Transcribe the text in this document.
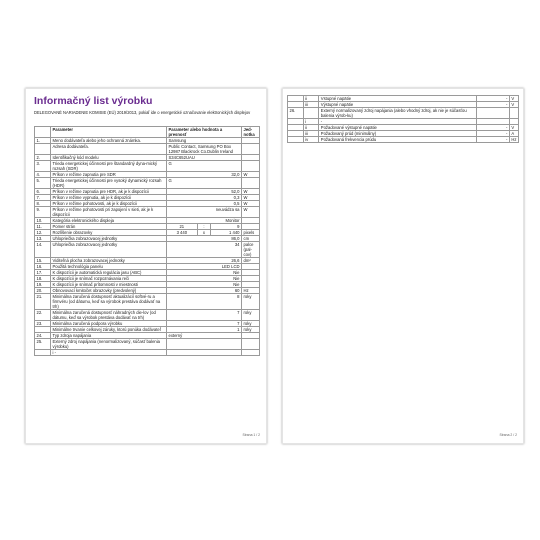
Informačný list výrobku
DELEGOVANÉ NARIADENIE KOMISIE (EÚ) 2019/2013, pokiaľ ide o energetické označovanie elektronických displejov
	Parameter	Parameter alebo hodnota a presnosť			Jed-notka
1.	Meno dodávateľa alebo jeho ochranná známka.	Samsung			
	Adresa dodávateľa.	Public Contact, Samsung PO Box 12987 Blackrock Co.Dublin Ireland			
2.	Identifikačný kód modelu	S34C652UAU			
3.	Trieda energetickej účinnosti pre štandardný dyna-mický rozsah (SDR)	G			
4.	Príkon v režime zapnutia pre SDR	32,0			W
5.	Trieda energetickej účinnosti pre vysoký dynamický rozsah (HDR)	G			
6.	Príkon v režime zapnutia pre HDR, ak je k dispozícii	52,0			W
7.	Príkon v režime vypnutia, ak je k dispozícii	0,3			W
8.	Príkon v režime pohotovosti, ak je k dispozícii	0,5			W
9.	Príkon v režime pohotovosti pri zapojení v sieti, ak je k dispozícii	neuvádza sa			W
10.	Kategória elektronického displeja	Monitor			
11.	Pomer strán	21	:	9	
12.	Rozlíšenie obrazovky	3 440	x	1 440	pixels
13.	Uhlopriečka zobrazovacej jednotky	86,0			cm
14.	Uhlopriečka zobrazovacej jednotky	34			palce (pal-cov)
15.	Viditeľná plocha zobrazovacej jednotky	26,6			dm²
16.	Použitá technológia panelu	LED LCD			
17.	K dispozícii je automatická regulácia jasu (ABC)	Nie			
18.	K dispozícii je snímač rozpoznávania reči	Nie			
19.	K dispozícii je snímač prítomnosti v miestnosti	Nie			
20.	Obnovovací kmitočet obrazovky (predvolený)	60			Hz
21.	Minimálna zaručená dostupnosť aktualizácií softvé-ru a firmvéru (od dátumu, keď sa výrobok prestáva dodávať na trh)	8			roky
22.	Minimálna zaručená dostupnosť náhradných die-lov (od dátumu, keď sa výrobok prestáva dodávať na trh)	7			roky
23.	Minimálna zaručená podpora výrobku	7			roky
	Minimálne trvanie celkovej záruky, ktorú ponúka dodávateľ	1			roky
24.	Typ zdroja napájania	externý			
25.	Externý zdroj napájania (nenormalizovaný, súčasť balenia výrobku)				
	i -				
Strana 1 / 2
	ii	Vstupné napätie	-	V
	iii	Výstupné napätie	-	V
26.		Externý normalizovaný zdroj napájania (alebo vhodný zdroj, ak nie je súčasťou balenia výrob-ku)		
	i	-		
	ii	Požadované výstupné napätie	-	V
	iii	Požadovaný prúd (minimálny)	-	A
	iv	Požadovaná frekvencia prúdu	-	Hz
Strana 2 / 2
